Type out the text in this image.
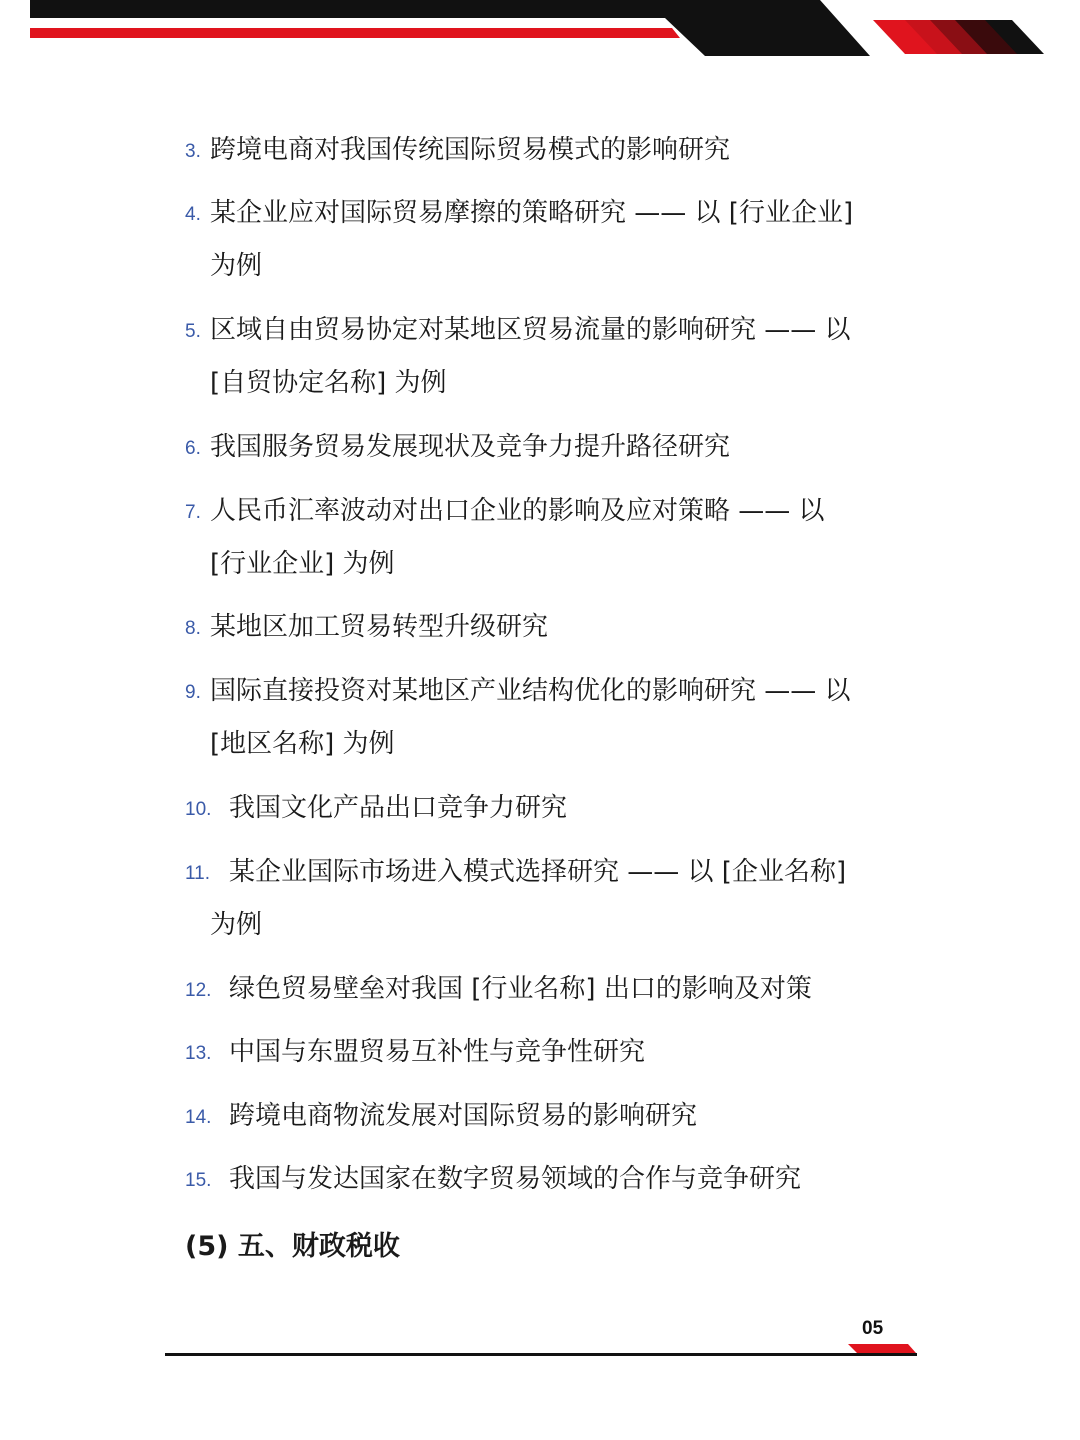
3. 跨境电商对我国传统国际贸易模式的影响研究
4. 某企业应对国际贸易摩擦的策略研究 —— 以 [行业企业]
为例
5. 区域自由贸易协定对某地区贸易流量的影响研究 —— 以
[自贸协定名称] 为例
6. 我国服务贸易发展现状及竞争力提升路径研究
7. 人民币汇率波动对出口企业的影响及应对策略 —— 以
[行业企业] 为例
8. 某地区加工贸易转型升级研究
9. 国际直接投资对某地区产业结构优化的影响研究 —— 以
[地区名称] 为例
10. 我国文化产品出口竞争力研究
11. 某企业国际市场进入模式选择研究 —— 以 [企业名称]
为例
12. 绿色贸易壁垒对我国 [行业名称] 出口的影响及对策
13. 中国与东盟贸易互补性与竞争性研究
14. 跨境电商物流发展对国际贸易的影响研究
15. 我国与发达国家在数字贸易领域的合作与竞争研究
(5) 五、财政税收
05
